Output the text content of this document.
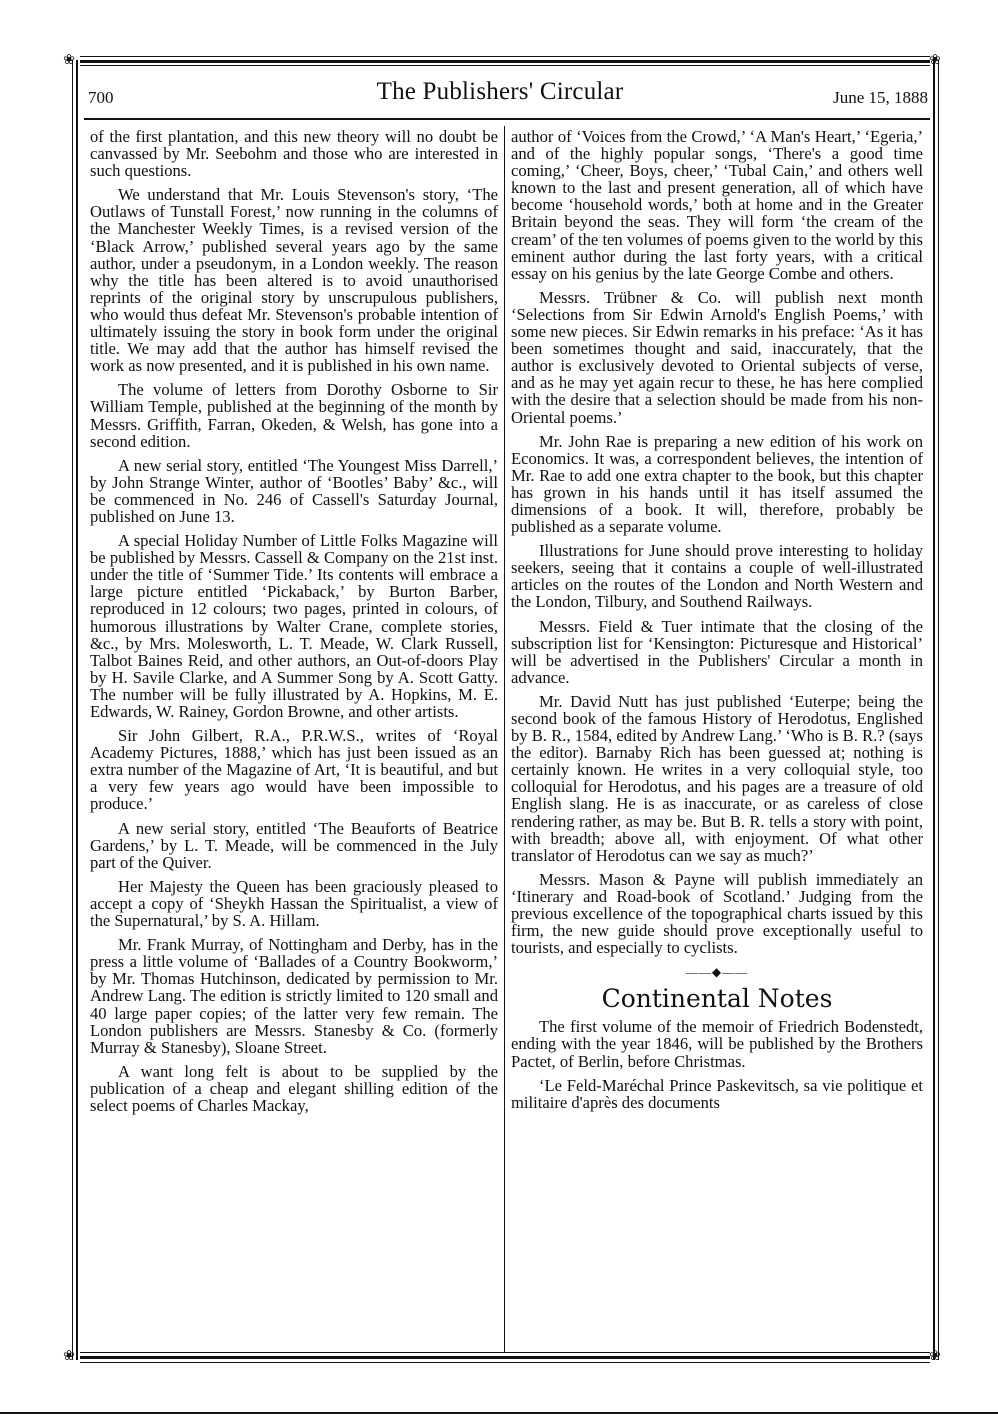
❀	❀
❀	❀
700	The Publishers' Circular	June 15, 1888

of the first plantation, and this new theory will no doubt be canvassed by Mr. Seebohm and those who are interested in such questions.

We understand that Mr. Louis Stevenson's story, ‘The Outlaws of Tunstall Forest,’ now running in the columns of the Manchester Weekly Times, is a revised version of the ‘Black Arrow,’ published several years ago by the same author, under a pseudonym, in a London weekly. The reason why the title has been altered is to avoid unauthorised reprints of the original story by unscrupulous publishers, who would thus defeat Mr. Stevenson's probable intention of ultimately issuing the story in book form under the original title. We may add that the author has himself revised the work as now presented, and it is published in his own name.

The volume of letters from Dorothy Osborne to Sir William Temple, published at the beginning of the month by Messrs. Griffith, Farran, Okeden, & Welsh, has gone into a second edition.

A new serial story, entitled ‘The Youngest Miss Darrell,’ by John Strange Winter, author of ‘Bootles’ Baby’ &c., will be commenced in No. 246 of Cassell's Saturday Journal, published on June 13.

A special Holiday Number of Little Folks Magazine will be published by Messrs. Cassell & Company on the 21st inst. under the title of ‘Summer Tide.’ Its contents will embrace a large picture entitled ‘Pickaback,’ by Burton Barber, reproduced in 12 colours; two pages, printed in colours, of humorous illustrations by Walter Crane, complete stories, &c., by Mrs. Molesworth, L. T. Meade, W. Clark Russell, Talbot Baines Reid, and other authors, an Out-of-doors Play by H. Savile Clarke, and A Summer Song by A. Scott Gatty. The number will be fully illustrated by A. Hopkins, M. E. Edwards, W. Rainey, Gordon Browne, and other artists.

Sir John Gilbert, R.A., P.R.W.S., writes of ‘Royal Academy Pictures, 1888,’ which has just been issued as an extra number of the Magazine of Art, ‘It is beautiful, and but a very few years ago would have been impossible to produce.’

A new serial story, entitled ‘The Beauforts of Beatrice Gardens,’ by L. T. Meade, will be commenced in the July part of the Quiver.

Her Majesty the Queen has been graciously pleased to accept a copy of ‘Sheykh Hassan the Spiritualist, a view of the Supernatural,’ by S. A. Hillam.

Mr. Frank Murray, of Nottingham and Derby, has in the press a little volume of ‘Ballades of a Country Bookworm,’ by Mr. Thomas Hutchinson, dedicated by permission to Mr. Andrew Lang. The edition is strictly limited to 120 small and 40 large paper copies; of the latter very few remain. The London publishers are Messrs. Stanesby & Co. (formerly Murray & Stanesby), Sloane Street.

A want long felt is about to be supplied by the publication of a cheap and elegant shilling edition of the select poems of Charles Mackay,

author of ‘Voices from the Crowd,’ ‘A Man's Heart,’ ‘Egeria,’ and of the highly popular songs, ‘There's a good time coming,’ ‘Cheer, Boys, cheer,’ ‘Tubal Cain,’ and others well known to the last and present generation, all of which have become ‘household words,’ both at home and in the Greater Britain beyond the seas. They will form ‘the cream of the cream’ of the ten volumes of poems given to the world by this eminent author during the last forty years, with a critical essay on his genius by the late George Combe and others.

Messrs. Trübner & Co. will publish next month ‘Selections from Sir Edwin Arnold's English Poems,’ with some new pieces. Sir Edwin remarks in his preface: ‘As it has been sometimes thought and said, inaccurately, that the author is exclusively devoted to Oriental subjects of verse, and as he may yet again recur to these, he has here complied with the desire that a selection should be made from his non-Oriental poems.’

Mr. John Rae is preparing a new edition of his work on Economics. It was, a correspondent believes, the intention of Mr. Rae to add one extra chapter to the book, but this chapter has grown in his hands until it has itself assumed the dimensions of a book. It will, therefore, probably be published as a separate volume.

Illustrations for June should prove interesting to holiday seekers, seeing that it contains a couple of well-illustrated articles on the routes of the London and North Western and the London, Tilbury, and Southend Railways.

Messrs. Field & Tuer intimate that the closing of the subscription list for ‘Kensington: Picturesque and Historical’ will be advertised in the Publishers' Circular a month in advance.

Mr. David Nutt has just published ‘Euterpe; being the second book of the famous History of Herodotus, Englished by B. R., 1584, edited by Andrew Lang.’ ‘Who is B. R.? (says the editor). Barnaby Rich has been guessed at; nothing is certainly known. He writes in a very colloquial style, too colloquial for Herodotus, and his pages are a treasure of old English slang. He is as inaccurate, or as careless of close rendering rather, as may be. But B. R. tells a story with point, with breadth; above all, with enjoyment. Of what other translator of Herodotus can we say as much?’

Messrs. Mason & Payne will publish immediately an ‘Itinerary and Road-book of Scotland.’ Judging from the previous excellence of the topographical charts issued by this firm, the new guide should prove exceptionally useful to tourists, and especially to cyclists.

——◆——
Continental Notes

The first volume of the memoir of Friedrich Bodenstedt, ending with the year 1846, will be published by the Brothers Pactet, of Berlin, before Christmas.

‘Le Feld-Maréchal Prince Paskevitsch, sa vie politique et militaire d'après des documents
